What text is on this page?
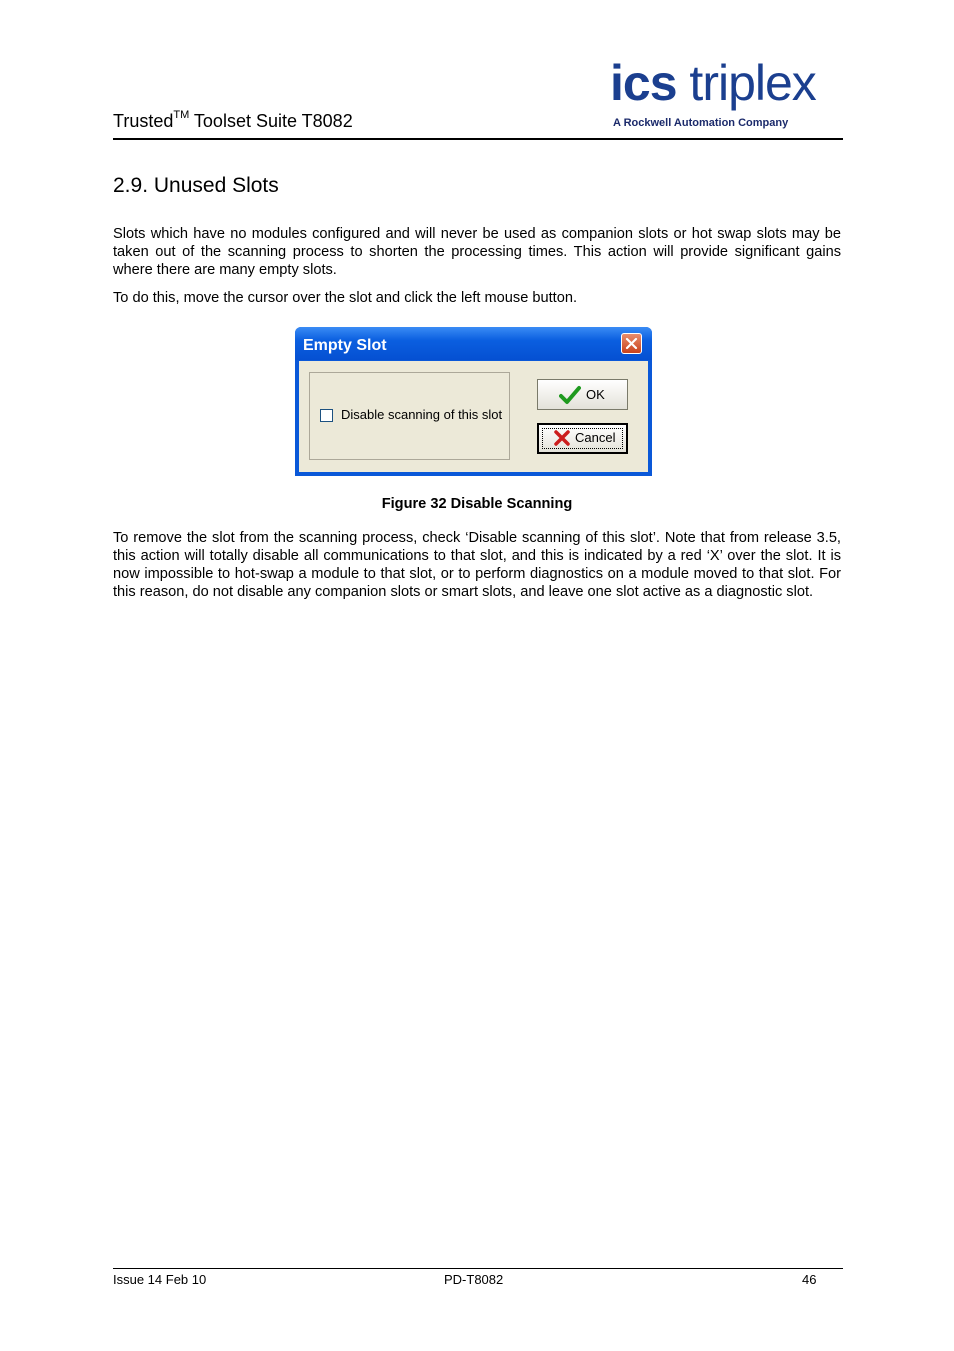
Trusted™ Toolset Suite T8082
ics triplex
A Rockwell Automation Company
2.9. Unused Slots

Slots which have no modules configured and will never be used as companion slots or hot swap slots may be taken out of the scanning process to shorten the processing times. This action will provide significant gains where there are many empty slots.

To do this, move the cursor over the slot and click the left mouse button.

Empty Slot
Disable scanning of this slot
OK
Cancel
Figure 32 Disable Scanning

To remove the slot from the scanning process, check ‘Disable scanning of this slot’. Note that from release 3.5, this action will totally disable all communications to that slot, and this is indicated by a red ‘X’ over the slot. It is now impossible to hot-swap a module to that slot, or to perform diagnostics on a module moved to that slot. For this reason, do not disable any companion slots or smart slots, and leave one slot active as a diagnostic slot.

Issue 14 Feb 10	PD-T8082	46
